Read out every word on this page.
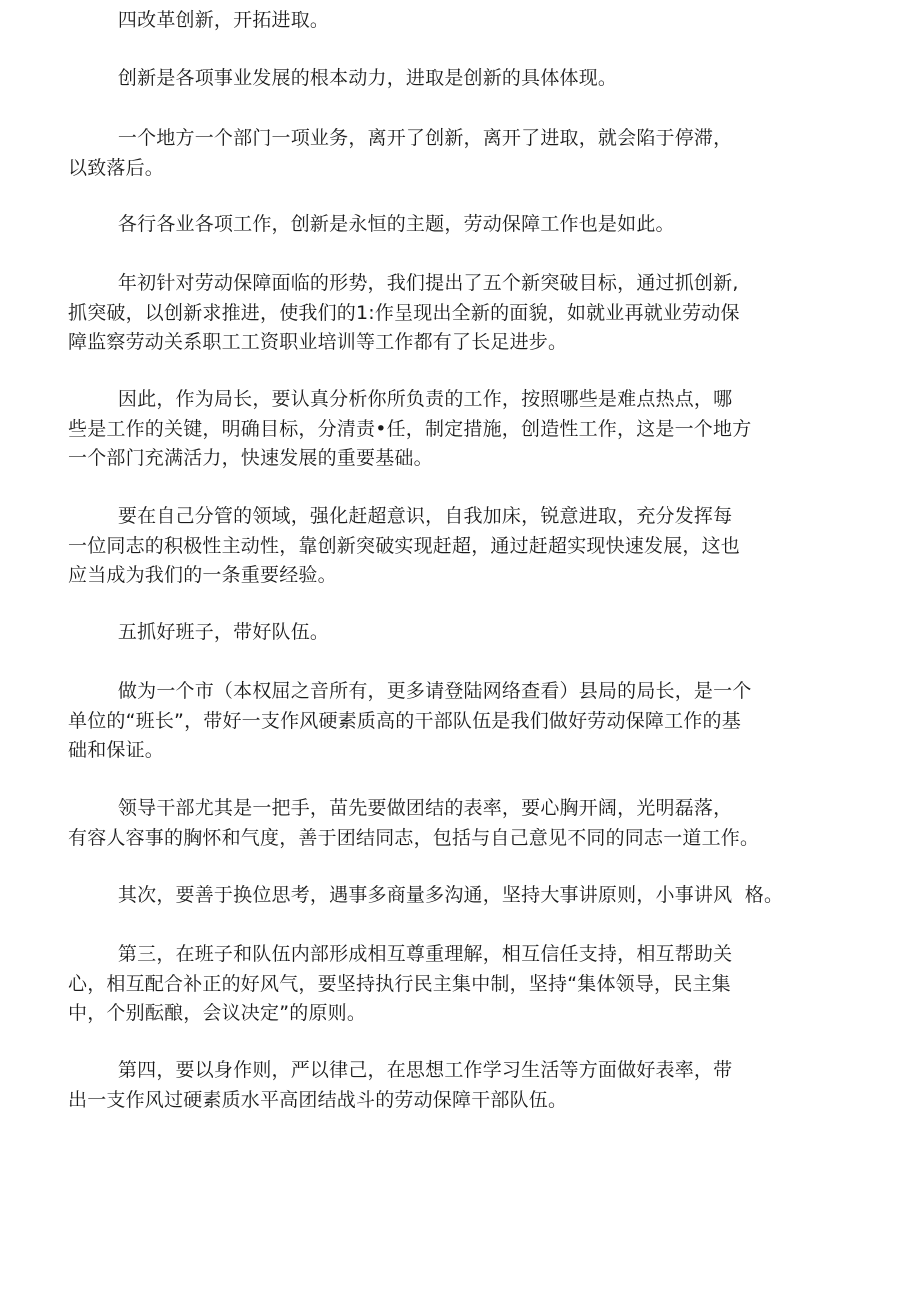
四改革创新，开拓进取。

创新是各项事业发展的根本动力，进取是创新的具体体现。

一个地方一个部门一项业务，离开了创新，离开了进取，就会陷于停滞，
以致落后。

各行各业各项工作，创新是永恒的主题，劳动保障工作也是如此。

年初针对劳动保障面临的形势，我们提出了五个新突破目标，通过抓创新,
抓突破，以创新求推进，使我们的1:作呈现出全新的面貌，如就业再就业劳动保
障监察劳动关系职工工资职业培训等工作都有了长足进步。

因此，作为局长，要认真分析你所负责的工作，按照哪些是难点热点，哪
些是工作的关键，明确目标，分清责•任，制定措施，创造性工作，这是一个地方
一个部门充满活力，快速发展的重要基础。

要在自己分管的领域，强化赶超意识，自我加床，锐意进取，充分发挥每
一位同志的积极性主动性，靠创新突破实现赶超，通过赶超实现快速发展，这也
应当成为我们的一条重要经验。

五抓好班子，带好队伍。

做为一个市（本权屈之音所有，更多请登陆网络查看）县局的局长，是一个
单位的“班长”，带好一支作风硬素质高的干部队伍是我们做好劳动保障工作的基
础和保证。

领导干部尤其是一把手，苗先要做团结的表率，要心胸开阔，光明磊落，
有容人容事的胸怀和气度，善于团结同志，包括与自己意见不同的同志一道工作。

其次，要善于换位思考，遇事多商量多沟通，坚持大事讲原则，小事讲风  格。

第三，在班子和队伍内部形成相互尊重理解，相互信任支持，相互帮助关
心，相互配合补正的好风气，要坚持执行民主集中制，坚持“集体领导，民主集
中，个别酝酿，会议决定”的原则。

第四，要以身作则，严以律己，在思想工作学习生活等方面做好表率，带
出一支作风过硬素质水平高团结战斗的劳动保障干部队伍。
